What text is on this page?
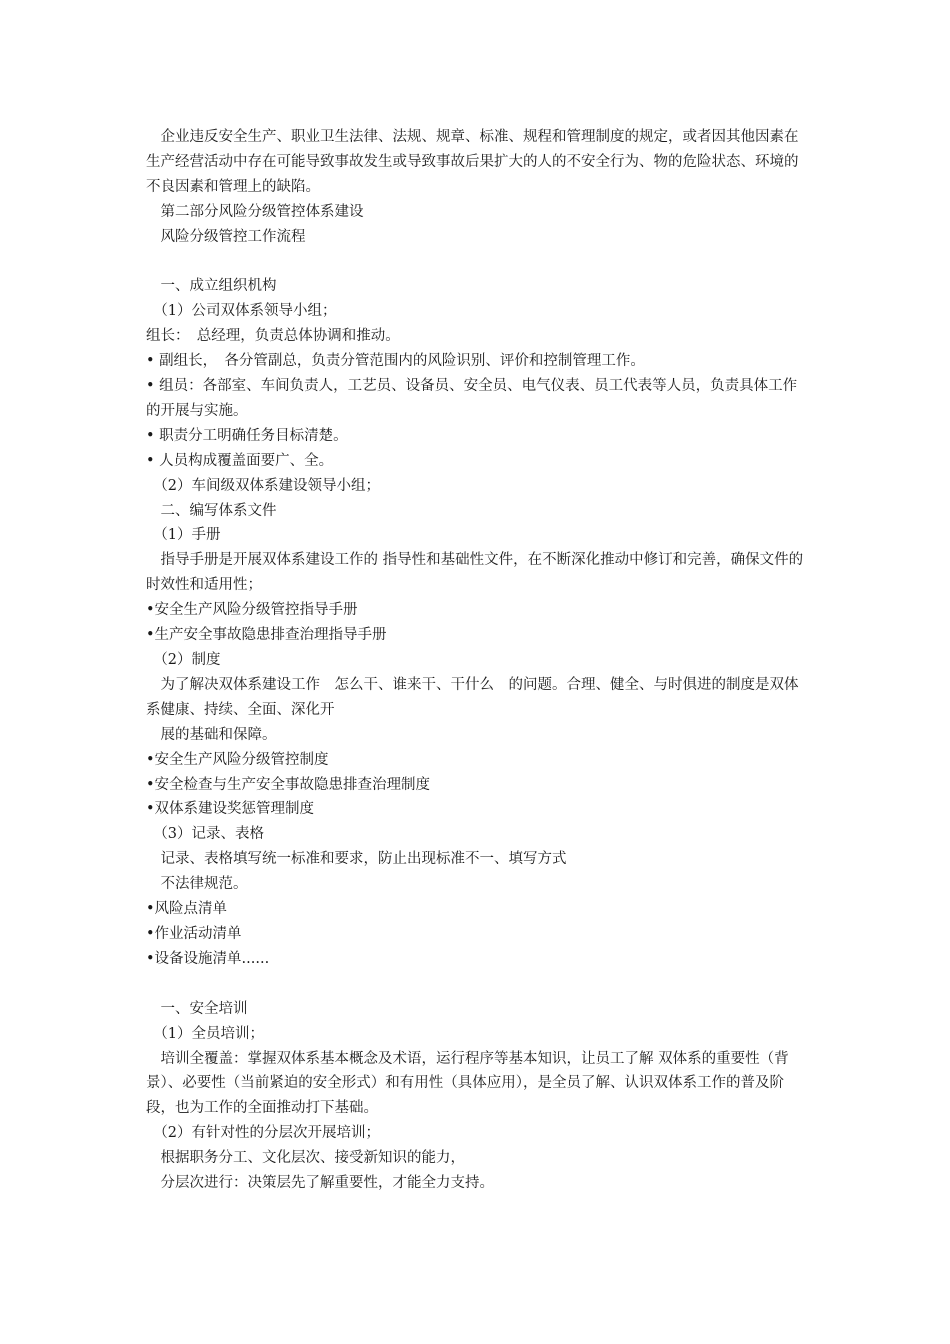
　企业违反安全生产、职业卫生法律、法规、规章、标准、规程和管理制度的规定，或者因其他因素在生产经营活动中存在可能导致事故发生或导致事故后果扩大的人的不安全行为、物的危险状态、环境的不良因素和管理上的缺陷。

　第二部分风险分级管控体系建设

　风险分级管控工作流程

　一、成立组织机构

　（1）公司双体系领导小组；

组长：　总经理，负责总体协调和推动。

• 副组长，　各分管副总，负责分管范围内的风险识别、评价和控制管理工作。

• 组员：各部室、车间负责人，工艺员、设备员、安全员、电气仪表、员工代表等人员，负责具体工作的开展与实施。

• 职责分工明确任务目标清楚。

• 人员构成覆盖面要广、全。

　（2）车间级双体系建设领导小组；

　二、编写体系文件

　（1）手册

　指导手册是开展双体系建设工作的 指导性和基础性文件，在不断深化推动中修订和完善，确保文件的时效性和适用性；

•安全生产风险分级管控指导手册

•生产安全事故隐患排查治理指导手册

　（2）制度

　为了解决双体系建设工作　怎么干、谁来干、干什么　的问题。合理、健全、与时俱进的制度是双体系健康、持续、全面、深化开

　展的基础和保障。

•安全生产风险分级管控制度

•安全检查与生产安全事故隐患排查治理制度

•双体系建设奖惩管理制度

　（3）记录、表格

　记录、表格填写统一标准和要求，防止出现标准不一、填写方式

　不法律规范。

•风险点清单

•作业活动清单

•设备设施清单......

　一、安全培训

　（1）全员培训；

　培训全覆盖：掌握双体系基本概念及术语，运行程序等基本知识，让员工了解 双体系的重要性（背景）、必要性（当前紧迫的安全形式）和有用性（具体应用），是全员了解、认识双体系工作的普及阶段，也为工作的全面推动打下基础。

　（2）有针对性的分层次开展培训；

　根据职务分工、文化层次、接受新知识的能力，

　分层次进行：决策层先了解重要性，才能全力支持。
